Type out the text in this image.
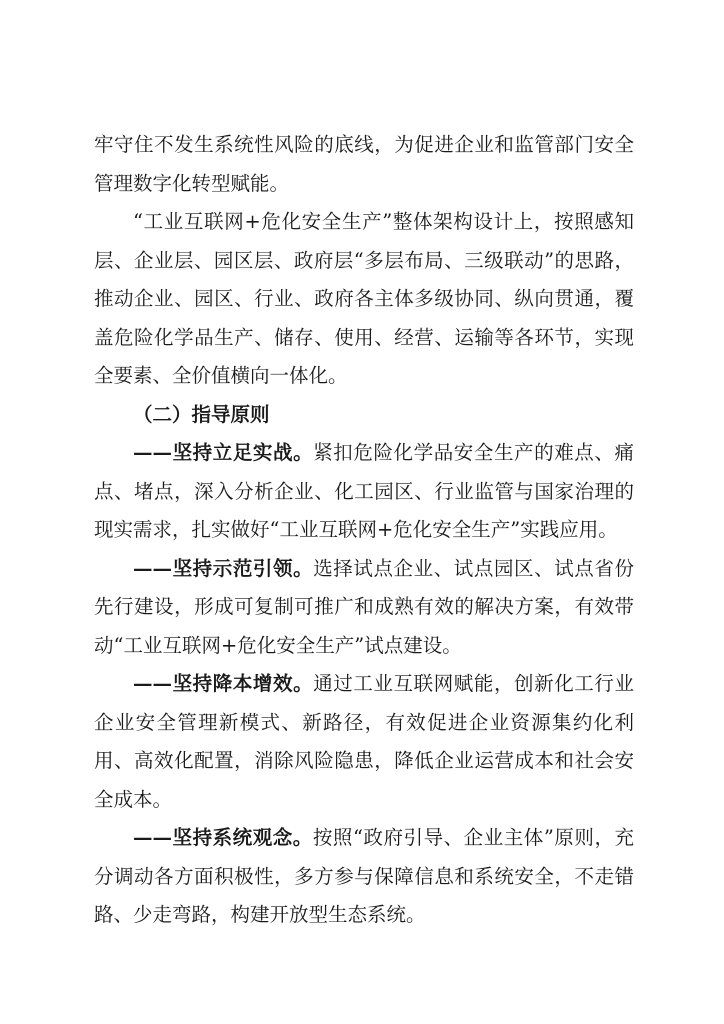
牢守住不发生系统性风险的底线，为促进企业和监管部门安全管理数字化转型赋能。

“工业互联网+危化安全生产”整体架构设计上，按照感知层、企业层、园区层、政府层“多层布局、三级联动”的思路，推动企业、园区、行业、政府各主体多级协同、纵向贯通，覆盖危险化学品生产、储存、使用、经营、运输等各环节，实现全要素、全价值横向一体化。

（二）指导原则

——坚持立足实战。紧扣危险化学品安全生产的难点、痛点、堵点，深入分析企业、化工园区、行业监管与国家治理的现实需求，扎实做好“工业互联网+危化安全生产”实践应用。

——坚持示范引领。选择试点企业、试点园区、试点省份先行建设，形成可复制可推广和成熟有效的解决方案，有效带动“工业互联网+危化安全生产”试点建设。

——坚持降本增效。通过工业互联网赋能，创新化工行业企业安全管理新模式、新路径，有效促进企业资源集约化利用、高效化配置，消除风险隐患，降低企业运营成本和社会安全成本。

——坚持系统观念。按照“政府引导、企业主体”原则，充分调动各方面积极性，多方参与保障信息和系统安全，不走错路、少走弯路，构建开放型生态系统。
